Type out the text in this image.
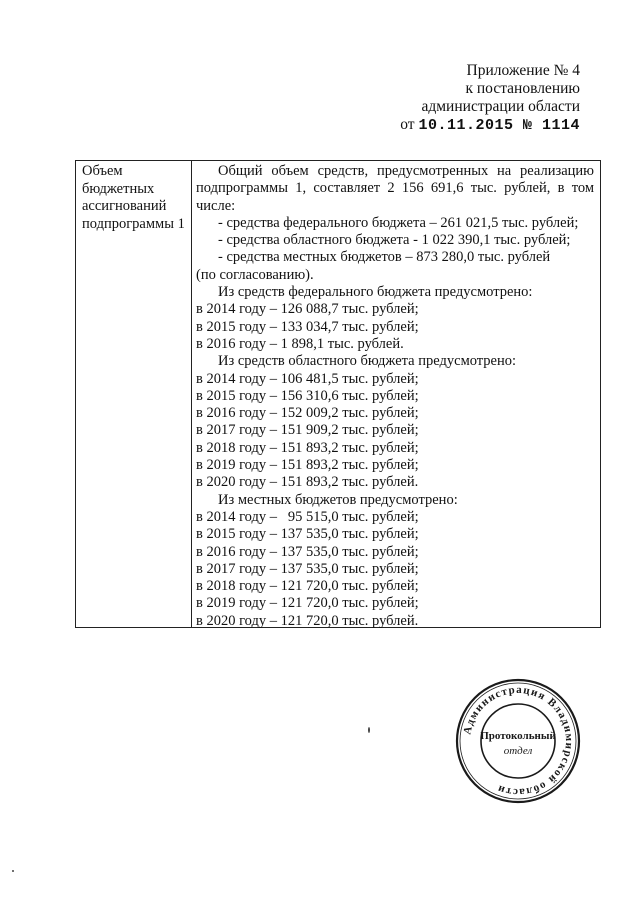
Приложение № 4
к постановлению
администрации области
от 10.11.2015 № 1114
Объем
бюджетных
ассигнований
подпрограммы 1
Общий объем средств, предусмотренных на реализацию подпрограммы 1, составляет 2 156 691,6 тыс. рублей, в том числе:
- средства федерального бюджета – 261 021,5 тыс. рублей;
- средства областного бюджета - 1 022 390,1 тыс. рублей;
- средства местных бюджетов – 873 280,0 тыс. рублей
(по согласованию).
Из средств федерального бюджета предусмотрено:
в 2014 году – 126 088,7 тыс. рублей;
в 2015 году – 133 034,7 тыс. рублей;
в 2016 году – 1 898,1 тыс. рублей.
Из средств областного бюджета предусмотрено:
в 2014 году – 106 481,5 тыс. рублей;
в 2015 году – 156 310,6 тыс. рублей;
в 2016 году – 152 009,2 тыс. рублей;
в 2017 году – 151 909,2 тыс. рублей;
в 2018 году – 151 893,2 тыс. рублей;
в 2019 году – 151 893,2 тыс. рублей;
в 2020 году – 151 893,2 тыс. рублей.
Из местных бюджетов предусмотрено:
в 2014 году –   95 515,0 тыс. рублей;
в 2015 году – 137 535,0 тыс. рублей;
в 2016 году – 137 535,0 тыс. рублей;
в 2017 году – 137 535,0 тыс. рублей;
в 2018 году – 121 720,0 тыс. рублей;
в 2019 году – 121 720,0 тыс. рублей;
в 2020 году – 121 720,0 тыс. рублей.
Администрация Владимирской области
Протокольный
отдел
